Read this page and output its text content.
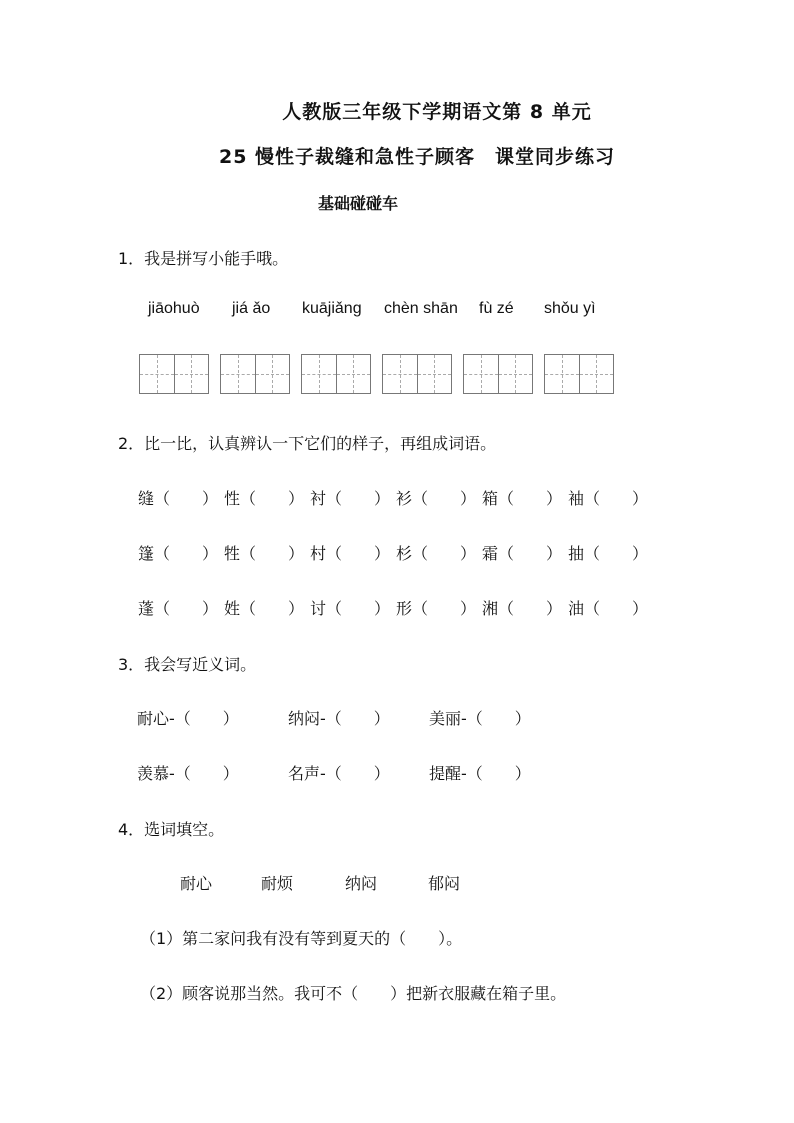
人教版三年级下学期语文第 8 单元
25 慢性子裁缝和急性子顾客　课堂同步练习
基础碰碰车
1．我是拼写小能手哦。
jiāohuò jiá ǎo kuājiǎng chèn shān fù zé shǒu yì
2．比一比，认真辨认一下它们的样子，再组成词语。
缝（　　） 性（　　） 衬（　　） 衫（　　） 箱（　　） 袖（　　）
篷（　　） 牲（　　） 村（　　） 杉（　　） 霜（　　） 抽（　　）
蓬（　　） 姓（　　） 讨（　　） 形（　　） 湘（　　） 油（　　）
3．我会写近义词。
耐心-（　　）	纳闷-（　　） 美丽-（　　）
羡慕-（　　）	名声-（　　） 提醒-（　　）
4．选词填空。
耐心	耐烦	纳闷	郁闷
（1）第二家问我有没有等到夏天的（　　）。
（2）顾客说那当然。我可不（　　）把新衣服藏在箱子里。
